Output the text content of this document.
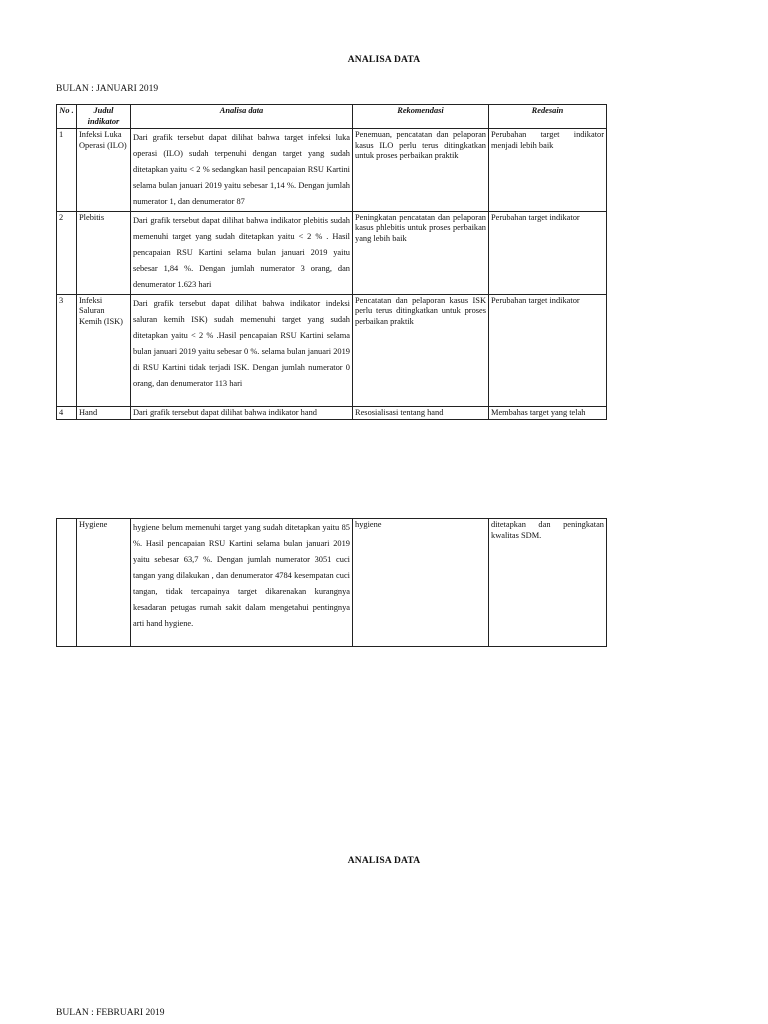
ANALISA DATA
BULAN : JANUARI 2019
No .	Judul indikator	Analisa data	Rekomendasi	Redesain
1	Infeksi Luka Operasi (ILO)	Dari grafik tersebut dapat dilihat bahwa target infeksi luka operasi (ILO) sudah terpenuhi dengan target yang sudah ditetapkan yaitu < 2 % sedangkan hasil pencapaian RSU Kartini selama bulan januari 2019 yaitu sebesar 1,14 %. Dengan jumlah numerator 1, dan denumerator 87	Penemuan, pencatatan dan pelaporan kasus ILO perlu terus ditingkatkan untuk proses perbaikan praktik	Perubahan target indikator menjadi lebih baik
2	Plebitis	Dari grafik tersebut dapat dilihat bahwa indikator plebitis sudah memenuhi target yang sudah ditetapkan yaitu < 2 % . Hasil pencapaian RSU Kartini selama bulan januari 2019 yaitu sebesar 1,84 %. Dengan jumlah numerator 3 orang, dan denumerator 1.623 hari	Peningkatan pencatatan dan pelaporan kasus phlebitis untuk proses perbaikan yang lebih baik	Perubahan target indikator
3	Infeksi Saluran Kemih (ISK)	Dari grafik tersebut dapat dilihat bahwa indikator indeksi saluran kemih ISK) sudah memenuhi target yang sudah ditetapkan yaitu < 2 % .Hasil pencapaian RSU Kartini selama bulan januari 2019 yaitu sebesar 0 %. selama bulan januari 2019 di RSU Kartini tidak terjadi ISK. Dengan jumlah numerator 0 orang, dan denumerator 113 hari	Pencatatan dan pelaporan kasus ISK perlu terus ditingkatkan untuk proses perbaikan praktik	Perubahan target indikator
4	Hand	Dari grafik tersebut dapat dilihat bahwa indikator hand	Resosialisasi tentang hand	Membahas target yang telah
	Hygiene	hygiene belum memenuhi target yang sudah ditetapkan yaitu 85 %. Hasil pencapaian RSU Kartini selama bulan januari 2019 yaitu sebesar 63,7 %. Dengan jumlah numerator 3051 cuci tangan yang dilakukan , dan denumerator 4784 kesempatan cuci tangan, tidak tercapainya target dikarenakan kurangnya kesadaran petugas rumah sakit dalam mengetahui pentingnya arti hand hygiene.	hygiene	ditetapkan dan peningkatan kwalitas SDM.
ANALISA DATA
BULAN : FEBRUARI 2019
